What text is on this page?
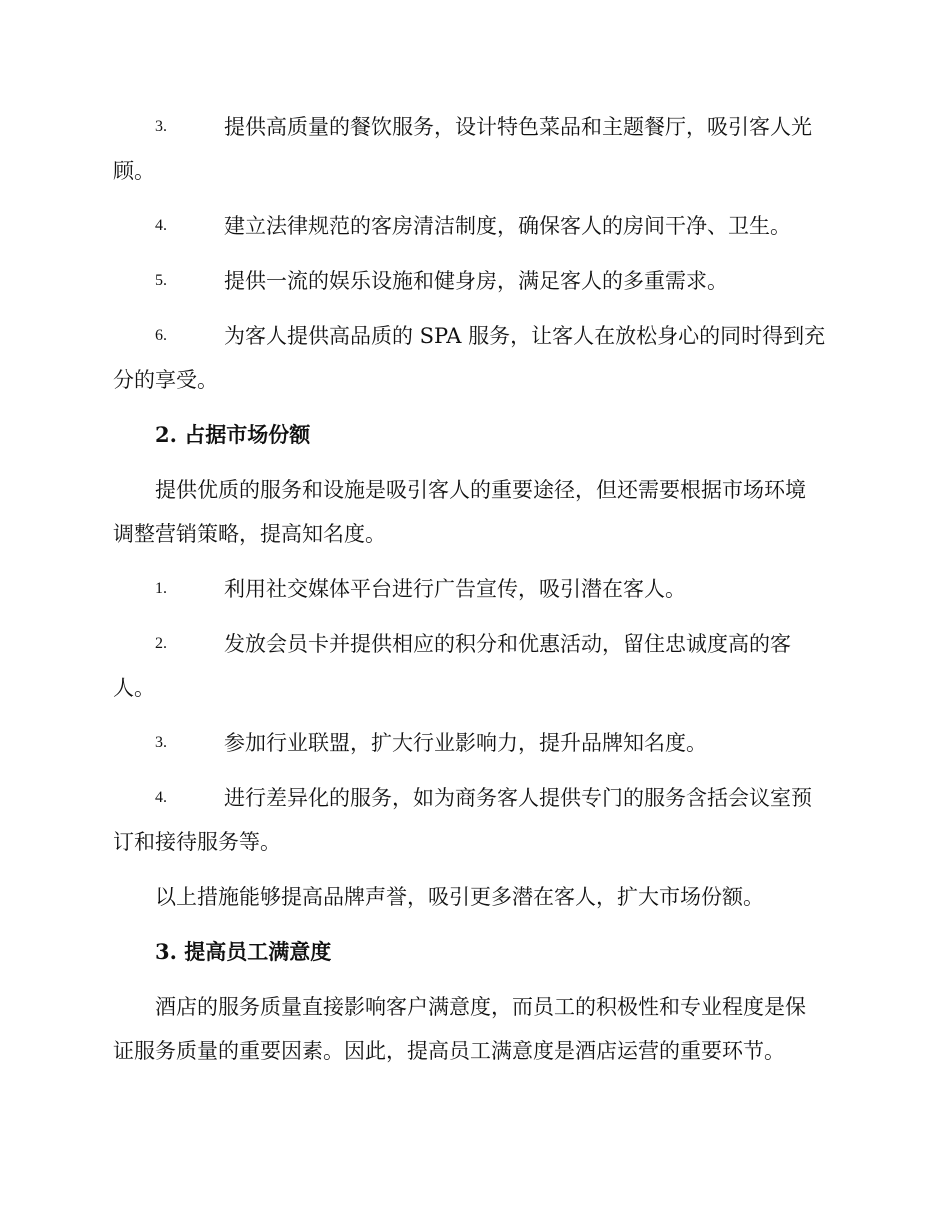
3.	提供高质量的餐饮服务，设计特色菜品和主题餐厅，吸引客人光

顾。

4.	建立法律规范的客房清洁制度，确保客人的房间干净、卫生。

5.	提供一流的娱乐设施和健身房，满足客人的多重需求。

6.	为客人提供高品质的 SPA 服务，让客人在放松身心的同时得到充

分的享受。

2. 占据市场份额

提供优质的服务和设施是吸引客人的重要途径，但还需要根据市场环境

调整营销策略，提高知名度。

1.	利用社交媒体平台进行广告宣传，吸引潜在客人。

2.	发放会员卡并提供相应的积分和优惠活动，留住忠诚度高的客

人。

3.	参加行业联盟，扩大行业影响力，提升品牌知名度。

4.	进行差异化的服务，如为商务客人提供专门的服务含括会议室预

订和接待服务等。

以上措施能够提高品牌声誉，吸引更多潜在客人，扩大市场份额。

3. 提高员工满意度

酒店的服务质量直接影响客户满意度，而员工的积极性和专业程度是保

证服务质量的重要因素。因此，提高员工满意度是酒店运营的重要环节。
